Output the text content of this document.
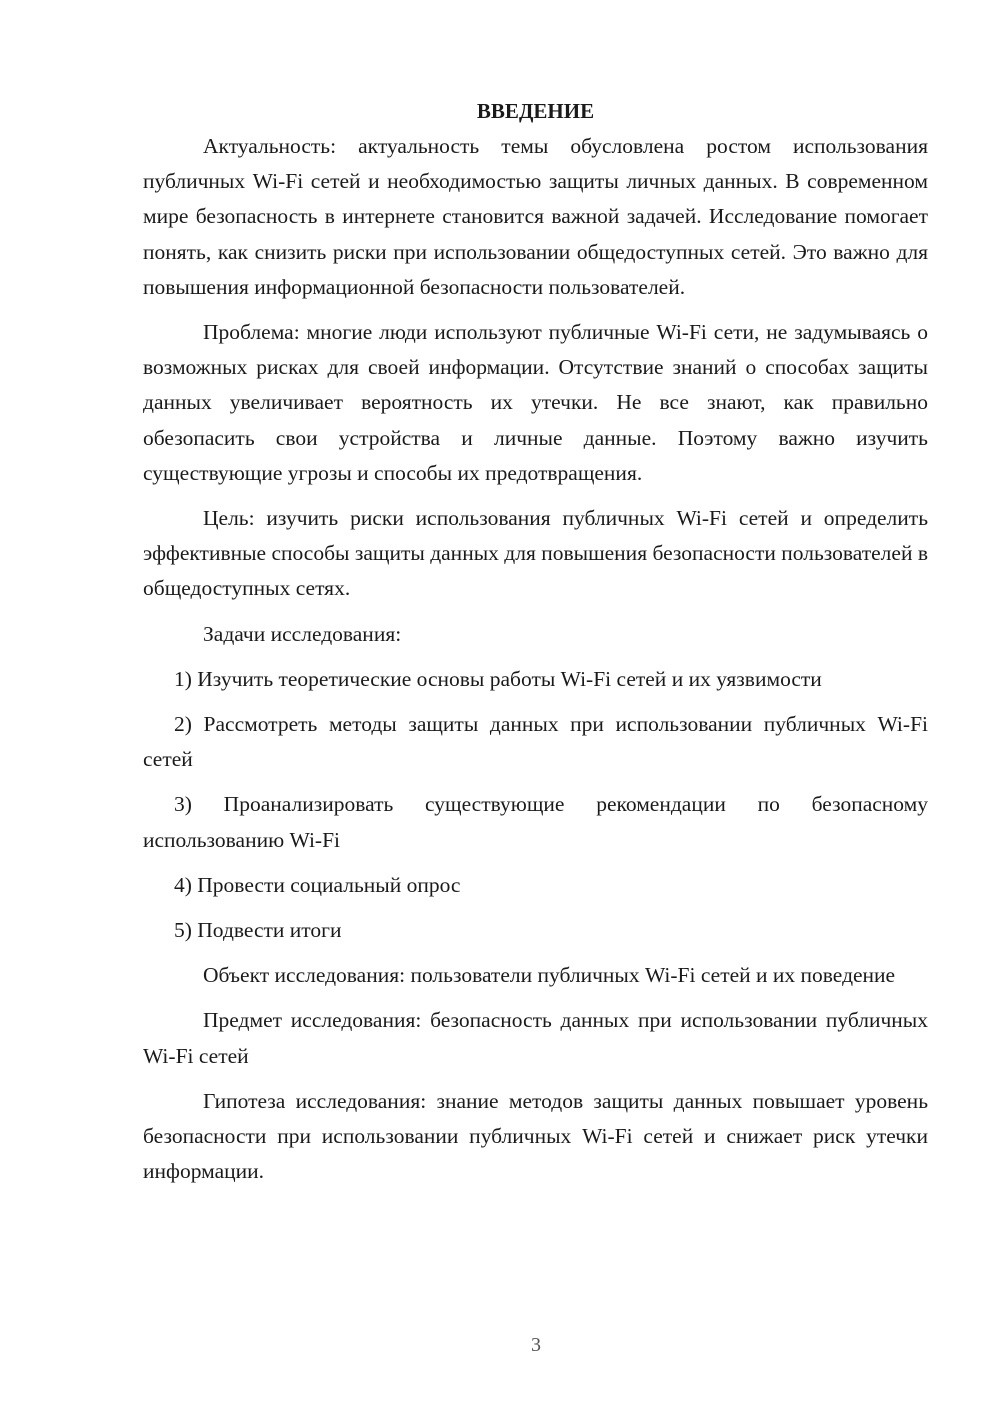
ВВЕДЕНИЕ

Актуальность: актуальность темы обусловлена ростом использования публичных Wi-Fi сетей и необходимостью защиты личных данных. В современном мире безопасность в интернете становится важной задачей. Исследование помогает понять, как снизить риски при использовании общедоступных сетей. Это важно для повышения информационной безопасности пользователей.

Проблема: многие люди используют публичные Wi-Fi сети, не задумываясь о возможных рисках для своей информации. Отсутствие знаний о способах защиты данных увеличивает вероятность их утечки. Не все знают, как правильно обезопасить свои устройства и личные данные. Поэтому важно изучить существующие угрозы и способы их предотвращения.

Цель: изучить риски использования публичных Wi-Fi сетей и определить эффективные способы защиты данных для повышения безопасности пользователей в общедоступных сетях.

Задачи исследования:

1) Изучить теоретические основы работы Wi-Fi сетей и их уязвимости

2) Рассмотреть методы защиты данных при использовании публичных Wi-Fi сетей

3) Проанализировать существующие рекомендации по безопасному использованию Wi-Fi

4) Провести социальный опрос

5) Подвести итоги

Объект исследования: пользователи публичных Wi-Fi сетей и их поведение

Предмет исследования: безопасность данных при использовании публичных Wi-Fi сетей

Гипотеза исследования: знание методов защиты данных повышает уровень безопасности при использовании публичных Wi-Fi сетей и снижает риск утечки информации.

3
